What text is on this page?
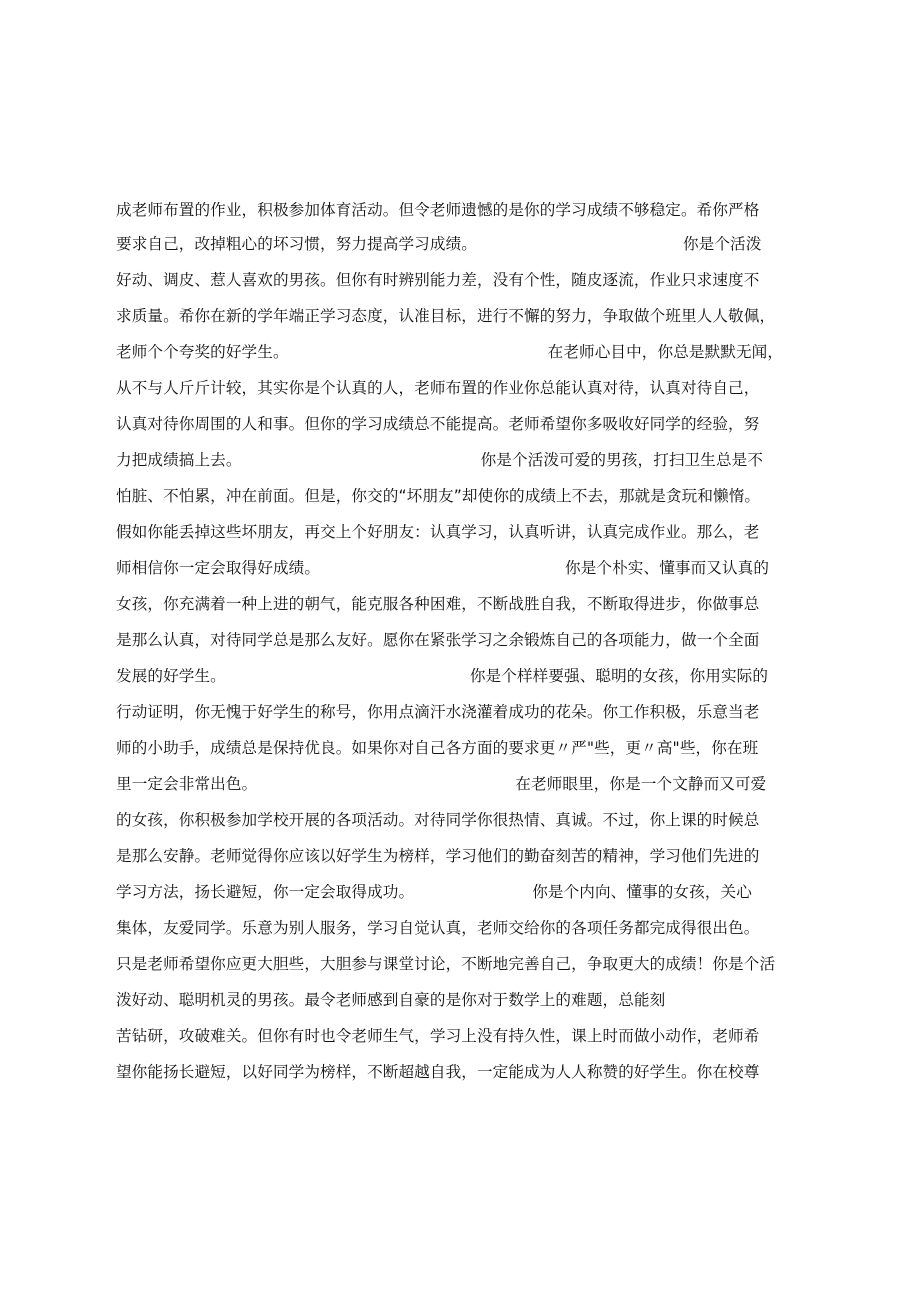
成老师布置的作业，积极参加体育活动。但令老师遗憾的是你的学习成绩不够稳定。希你严格
要求自己，改掉粗心的坏习惯，努力提高学习成绩。	你是个活泼
好动、调皮、惹人喜欢的男孩。但你有时辨别能力差，没有个性，随皮逐流，作业只求速度不
求质量。希你在新的学年端正学习态度，认准目标，进行不懈的努力，争取做个班里人人敬佩，
老师个个夸奖的好学生。	在老师心目中，你总是默默无闻，
从不与人斤斤计较，其实你是个认真的人，老师布置的作业你总能认真对待，认真对待自己，
认真对待你周围的人和事。但你的学习成绩总不能提高。老师希望你多吸收好同学的经验，努
力把成绩搞上去。	你是个活泼可爱的男孩，打扫卫生总是不
怕脏、不怕累，冲在前面。但是，你交的“坏朋友”却使你的成绩上不去，那就是贪玩和懒惰。
假如你能丢掉这些坏朋友，再交上个好朋友：认真学习，认真听讲，认真完成作业。那么，老
师相信你一定会取得好成绩。	你是个朴实、懂事而又认真的
女孩，你充满着一种上进的朝气，能克服各种困难，不断战胜自我，不断取得进步，你做事总
是那么认真，对待同学总是那么友好。愿你在紧张学习之余锻炼自己的各项能力，做一个全面
发展的好学生。	你是个样样要强、聪明的女孩，你用实际的
行动证明，你无愧于好学生的称号，你用点滴汗水浇灌着成功的花朵。你工作积极，乐意当老
师的小助手，成绩总是保持优良。如果你对自己各方面的要求更〃严"些，更〃高"些，你在班
里一定会非常出色。	在老师眼里，你是一个文静而又可爱
的女孩，你积极参加学校开展的各项活动。对待同学你很热情、真诚。不过，你上课的时候总
是那么安静。老师觉得你应该以好学生为榜样，学习他们的勤奋刻苦的精神，学习他们先进的
学习方法，扬长避短，你一定会取得成功。	你是个内向、懂事的女孩，关心
集体，友爱同学。乐意为别人服务，学习自觉认真，老师交给你的各项任务都完成得很出色。
只是老师希望你应更大胆些，大胆参与课堂讨论，不断地完善自己，争取更大的成绩！你是个活
泼好动、聪明机灵的男孩。最令老师感到自豪的是你对于数学上的难题，总能刻
苦钻研，攻破难关。但你有时也令老师生气，学习上没有持久性，课上时而做小动作，老师希
望你能扬长避短，以好同学为榜样，不断超越自我，一定能成为人人称赞的好学生。你在校尊
